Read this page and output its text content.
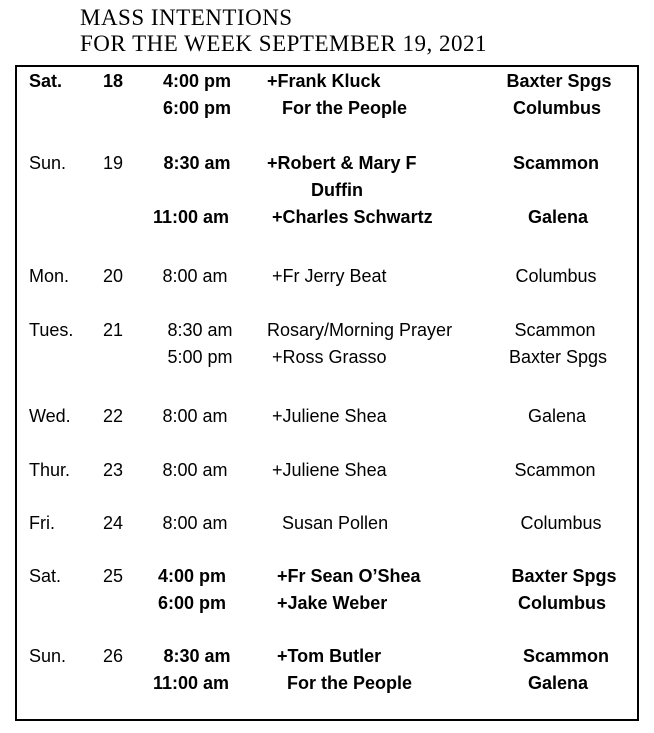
MASS INTENTIONS
FOR THE WEEK SEPTEMBER 19, 2021
Sat. 18	4:00 pm	+Frank Kluck	Baxter Spgs
6:00 pm	For the People	Columbus
Sun. 19	8:30 am	+Robert & Mary F	Scammon
Duffin
11:00 am	+Charles Schwartz	Galena
Mon. 20	8:00 am	+Fr Jerry Beat	Columbus
Tues. 21	8:30 am	Rosary/Morning Prayer	Scammon
5:00 pm	+Ross Grasso	Baxter Spgs
Wed. 22	8:00 am	+Juliene Shea	Galena
Thur. 23	8:00 am	+Juliene Shea	Scammon
Fri.	24	8:00 am	Susan Pollen	Columbus
Sat. 25	4:00 pm	+Fr Sean O’Shea	Baxter Spgs
6:00 pm	+Jake Weber	Columbus
Sun. 26	8:30 am	+Tom Butler	Scammon
11:00 am	For the People	Galena
